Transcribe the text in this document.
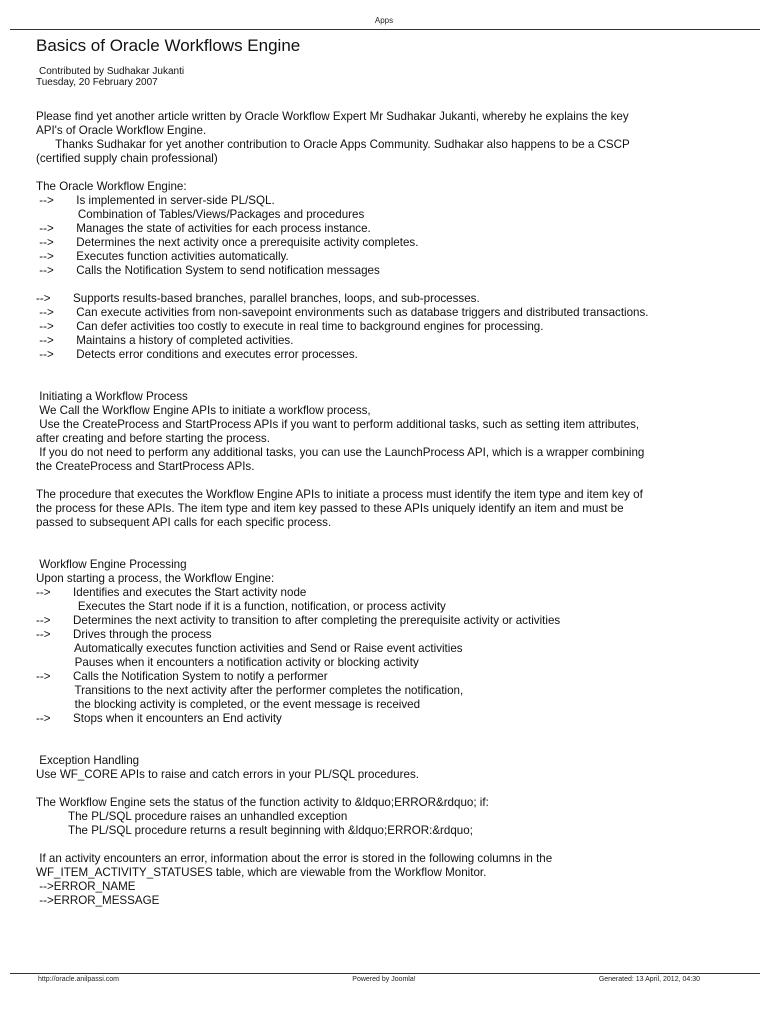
Apps
Basics of Oracle Workflows Engine
Contributed by Sudhakar Jukanti
Tuesday, 20 February 2007
Please find yet another article written by Oracle Workflow Expert Mr Sudhakar Jukanti, whereby he explains the key
API's of Oracle Workflow Engine.
Thanks Sudhakar for yet another contribution to Oracle Apps Community. Sudhakar also happens to be a CSCP
(certified supply chain professional)
The Oracle Workflow Engine:
-->       Is implemented in server-side PL/SQL.
Combination of Tables/Views/Packages and procedures
-->       Manages the state of activities for each process instance.
-->       Determines the next activity once a prerequisite activity completes.
-->       Executes function activities automatically.
-->       Calls the Notification System to send notification messages
-->       Supports results-based branches, parallel branches, loops, and sub-processes.
-->       Can execute activities from non-savepoint environments such as database triggers and distributed transactions.
-->       Can defer activities too costly to execute in real time to background engines for processing.
-->       Maintains a history of completed activities.
-->       Detects error conditions and executes error processes.
Initiating a Workflow Process
We Call the Workflow Engine APIs to initiate a workflow process,
Use the CreateProcess and StartProcess APIs if you want to perform additional tasks, such as setting item attributes,
after creating and before starting the process.
If you do not need to perform any additional tasks, you can use the LaunchProcess API, which is a wrapper combining
the CreateProcess and StartProcess APIs.
The procedure that executes the Workflow Engine APIs to initiate a process must identify the item type and item key of
the process for these APIs. The item type and item key passed to these APIs uniquely identify an item and must be
passed to subsequent API calls for each specific process.
Workflow Engine Processing
Upon starting a process, the Workflow Engine:
-->       Identifies and executes the Start activity node
Executes the Start node if it is a function, notification, or process activity
-->       Determines the next activity to transition to after completing the prerequisite activity or activities
-->       Drives through the process
Automatically executes function activities and Send or Raise event activities
Pauses when it encounters a notification activity or blocking activity
-->       Calls the Notification System to notify a performer
Transitions to the next activity after the performer completes the notification,
the blocking activity is completed, or the event message is received
-->       Stops when it encounters an End activity
Exception Handling
Use WF_CORE APIs to raise and catch errors in your PL/SQL procedures.
The Workflow Engine sets the status of the function activity to &ldquo;ERROR&rdquo; if:
The PL/SQL procedure raises an unhandled exception
The PL/SQL procedure returns a result beginning with &ldquo;ERROR:&rdquo;
If an activity encounters an error, information about the error is stored in the following columns in the
WF_ITEM_ACTIVITY_STATUSES table, which are viewable from the Workflow Monitor.
-->ERROR_NAME
-->ERROR_MESSAGE
http://oracle.anilpassi.com	Powered by Joomla!	Generated: 13 April, 2012, 04:30
